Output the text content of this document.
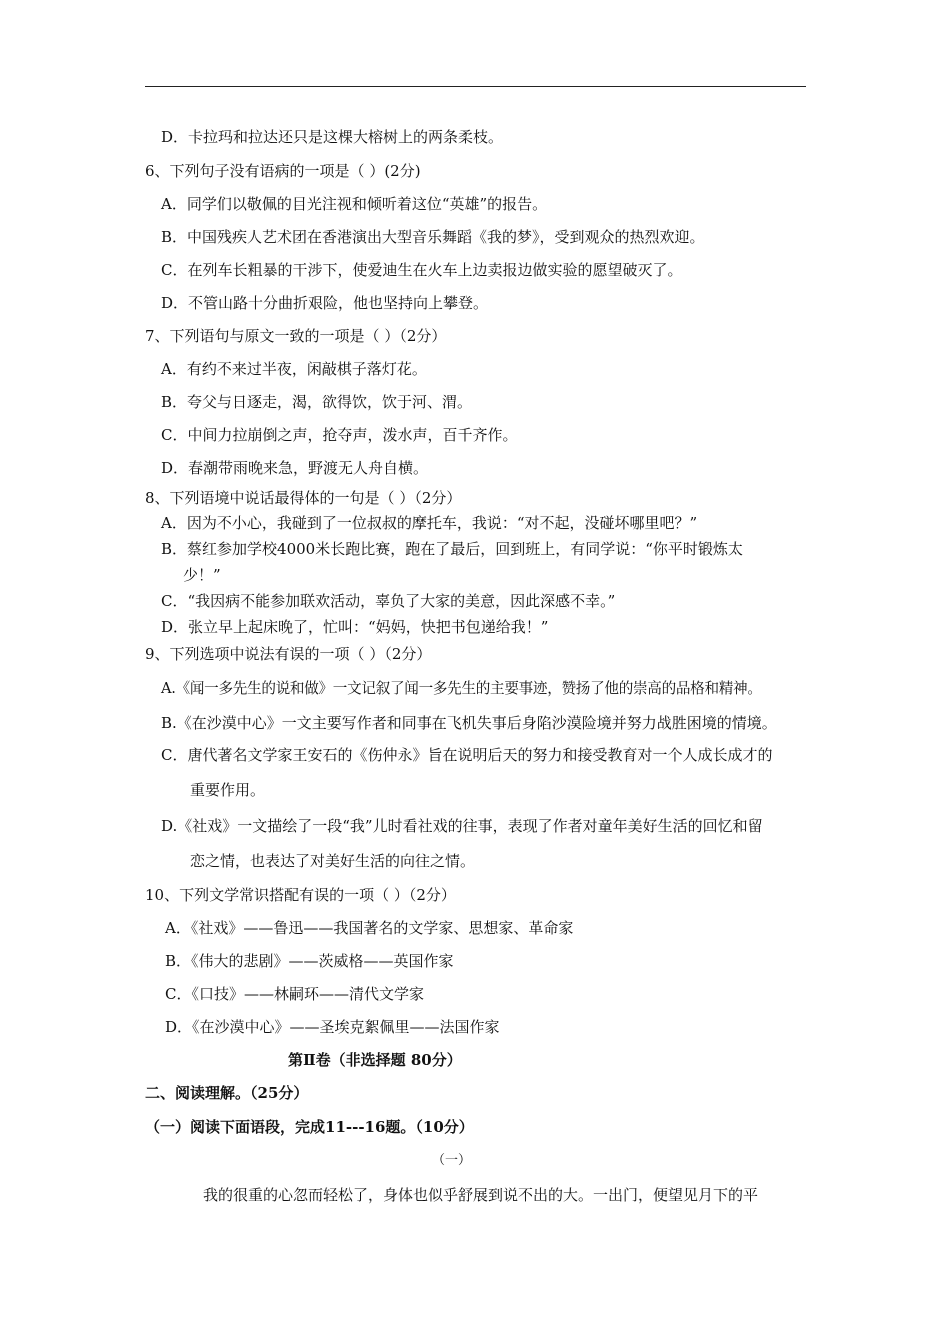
D．卡拉玛和拉达还只是这棵大榕树上的两条柔枝。
6、下列句子没有语病的一项是（ ）(2分)
A．同学们以敬佩的目光注视和倾听着这位“英雄”的报告。
B．中国残疾人艺术团在香港演出大型音乐舞蹈《我的梦》，受到观众的热烈欢迎。
C．在列车长粗暴的干涉下，使爱迪生在火车上边卖报边做实验的愿望破灭了。
D．不管山路十分曲折艰险，他也坚持向上攀登。
7、下列语句与原文一致的一项是（ ）（2分）
A．有约不来过半夜，闲敲棋子落灯花。
B．夸父与日逐走，渴，欲得饮，饮于河、渭。
C．中间力拉崩倒之声，抢夺声，泼水声，百千齐作。
D．春潮带雨晚来急，野渡无人舟自横。
8、下列语境中说话最得体的一句是（ ）（2分）
A．因为不小心，我碰到了一位叔叔的摩托车，我说：“对不起，没碰坏哪里吧？”
B．蔡红参加学校4000米长跑比赛，跑在了最后，回到班上，有同学说：“你平时锻炼太
少！”
C．“我因病不能参加联欢活动，辜负了大家的美意，因此深感不幸。”
D．张立早上起床晚了，忙叫：“妈妈，快把书包递给我！”
9、下列选项中说法有误的一项（ ）（2分）
A.《闻一多先生的说和做》一文记叙了闻一多先生的主要事迹，赞扬了他的崇高的品格和精神。
B.《在沙漠中心》一文主要写作者和同事在飞机失事后身陷沙漠险境并努力战胜困境的情境。
C．唐代著名文学家王安石的《伤仲永》旨在说明后天的努力和接受教育对一个人成长成才的
重要作用。
D.《社戏》一文描绘了一段“我”儿时看社戏的往事，表现了作者对童年美好生活的回忆和留
恋之情，也表达了对美好生活的向往之情。
10、下列文学常识搭配有误的一项（ ）（2分）
A．《社戏》——鲁迅——我国著名的文学家、思想家、革命家
B．《伟大的悲剧》——茨威格——英国作家
C．《口技》——林嗣环——清代文学家
D．《在沙漠中心》——圣埃克絮佩里——法国作家
第Ⅱ卷（非选择题 80分）
二、阅读理解。（25分）
（一）阅读下面语段，完成11---16题。（10分）
（一）
我的很重的心忽而轻松了，身体也似乎舒展到说不出的大。一出门，便望见月下的平
